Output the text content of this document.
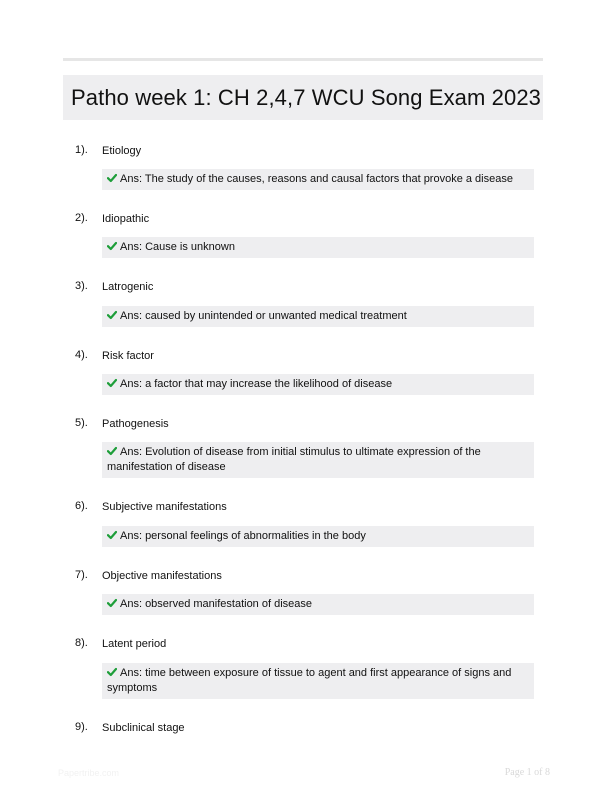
Patho week 1: CH 2,4,7 WCU Song Exam 2023
1). Etiology
Ans: The study of the causes, reasons and causal factors that provoke a disease
2). Idiopathic
Ans: Cause is unknown
3). Latrogenic
Ans: caused by unintended or unwanted medical treatment
4). Risk factor
Ans: a factor that may increase the likelihood of disease
5). Pathogenesis
Ans: Evolution of disease from initial stimulus to ultimate expression of the manifestation of disease
6). Subjective manifestations
Ans: personal feelings of abnormalities in the body
7). Objective manifestations
Ans: observed manifestation of disease
8). Latent period
Ans: time between exposure of tissue to agent and first appearance of signs and symptoms
9). Subclinical stage
Papertribe.com	Page 1 of 8
